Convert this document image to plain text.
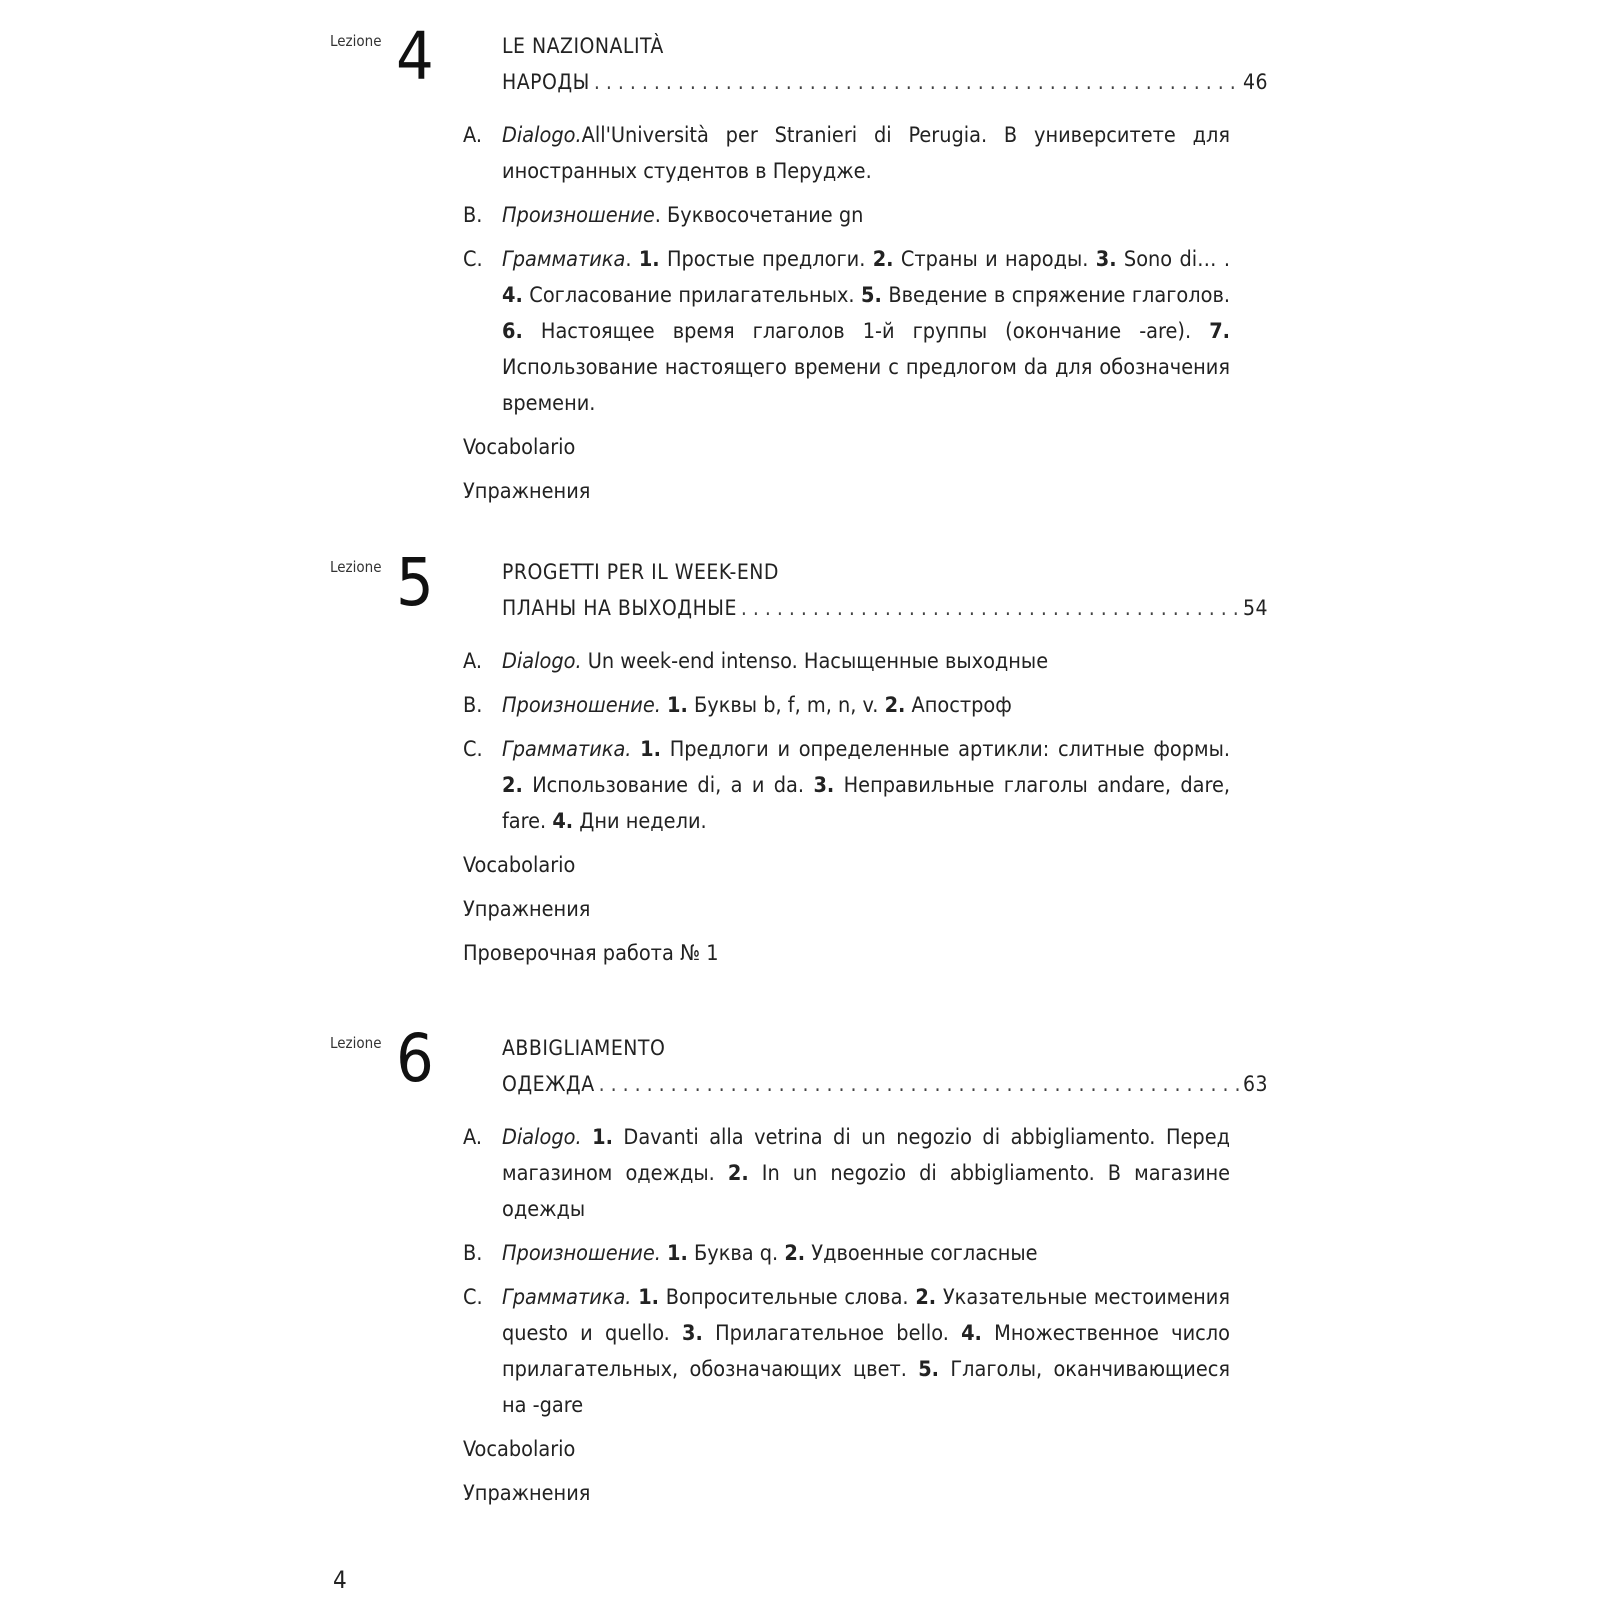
Lezione 4	LE NAZIONALITÀ
НАРОДЫ . . .	46
A. Dialogo.All'Università per Stranieri di Perugia. В университете для иностранных студентов в Перудже.
B. Произношение. Буквосочетание gn
C. Грамматика. 1. Простые предлоги. 2. Страны и народы. 3. Sono di… . 4. Согласование прилагательных. 5. Введение в спряжение глаголов. 6. Настоящее время глаголов 1-й группы (окончание -are). 7. Использование настоящего времени с предлогом da для обозначения времени.
Vocabolario
Упражнения
Lezione 5	PROGETTI PER IL WEEK-END
ПЛАНЫ НА ВЫХОДНЫЕ . . .	54
A. Dialogo. Un week-end intenso. Насыщенные выходные
B. Произношение. 1. Буквы b, f, m, n, v. 2. Апостроф
C. Грамматика. 1. Предлоги и определенные артикли: слитные формы. 2. Использование di, a и da. 3. Неправильные глаголы andare, dare, fare. 4. Дни недели.
Vocabolario
Упражнения
Проверочная работа № 1
Lezione 6	ABBIGLIAMENTO
ОДЕЖДА . . .	63
A. Dialogo. 1. Davanti alla vetrina di un negozio di abbigliamento. Перед магазином одежды. 2. In un negozio di abbigliamento. В магазине одежды
B. Произношение. 1. Буква q. 2. Удвоенные согласные
C. Грамматика. 1. Вопросительные слова. 2. Указательные местоимения questo и quello. 3. Прилагательное bello. 4. Множественное число прилагательных, обозначающих цвет. 5. Глаголы, оканчивающиеся на -gare
Vocabolario
Упражнения
4
